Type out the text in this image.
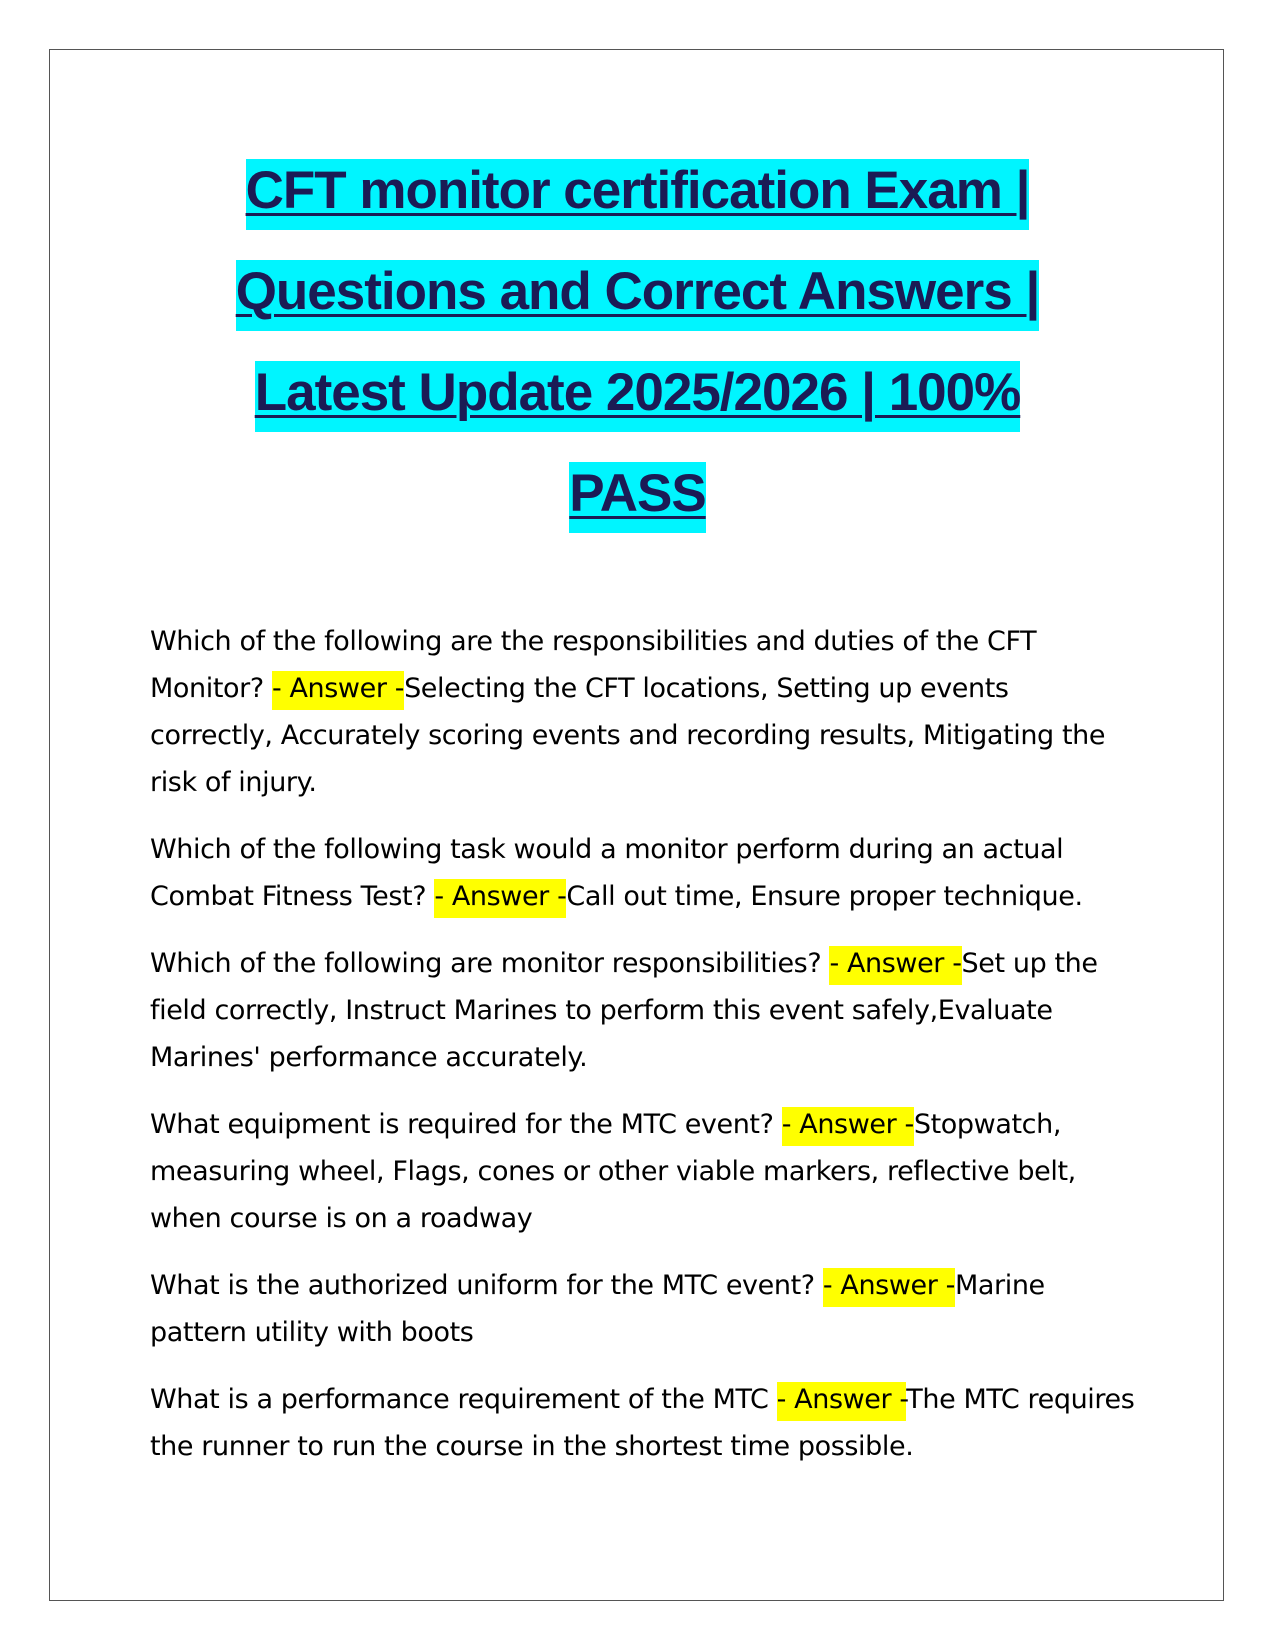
CFT monitor certification Exam |
Questions and Correct Answers |
Latest Update 2025/2026 | 100%
PASS

Which of the following are the responsibilities and duties of the CFT Monitor? - Answer -Selecting the CFT locations, Setting up events correctly, Accurately scoring events and recording results, Mitigating the risk of injury.

Which of the following task would a monitor perform during an actual Combat Fitness Test? - Answer -Call out time, Ensure proper technique.

Which of the following are monitor responsibilities? - Answer -Set up the field correctly, Instruct Marines to perform this event safely,Evaluate Marines' performance accurately.

What equipment is required for the MTC event? - Answer -Stopwatch, measuring wheel, Flags, cones or other viable markers, reflective belt, when course is on a roadway

What is the authorized uniform for the MTC event? - Answer -Marine pattern utility with boots

What is a performance requirement of the MTC - Answer -The MTC requires the runner to run the course in the shortest time possible.
